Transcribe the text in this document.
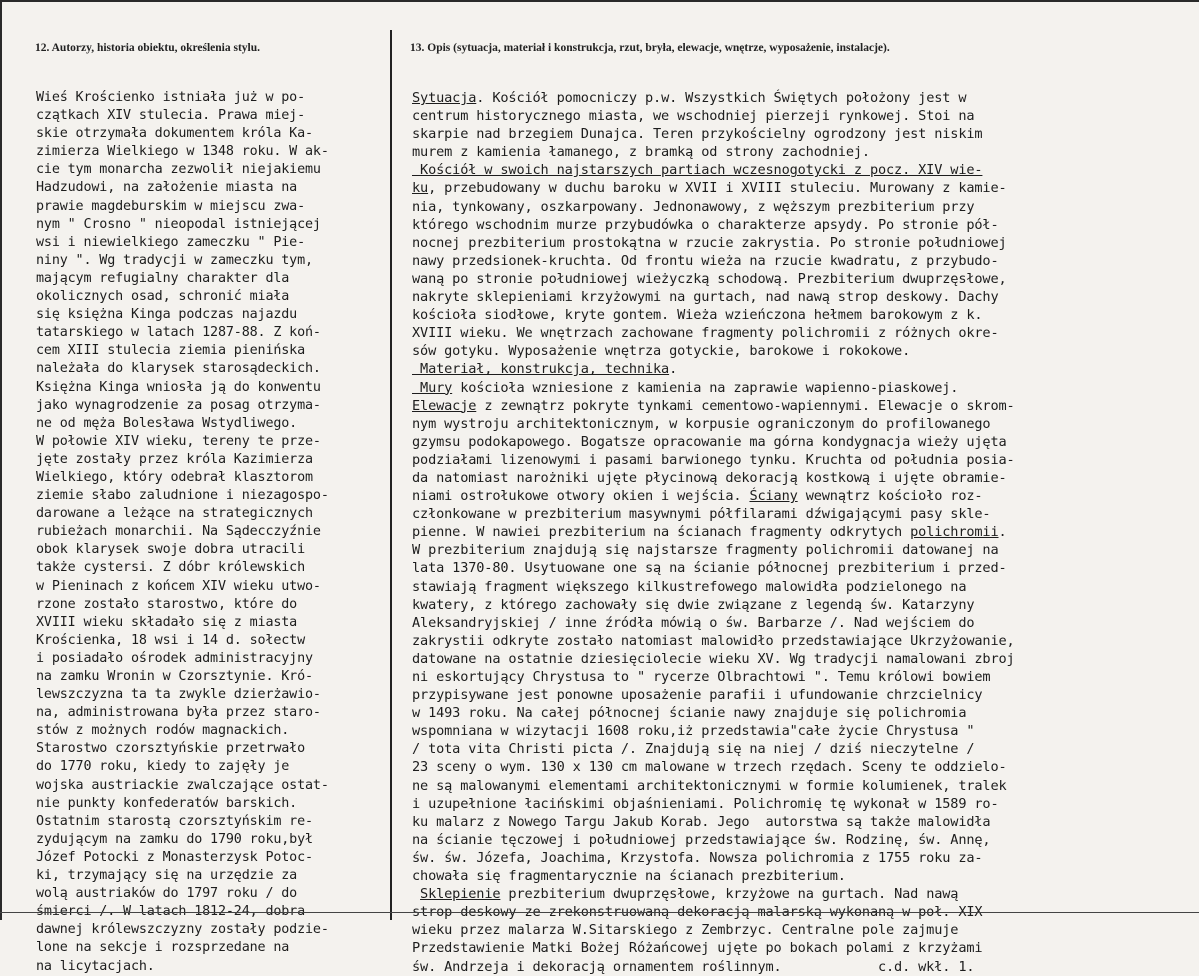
12. Autorzy, historia obiektu, określenia stylu.	13. Opis (sytuacja, materiał i konstrukcja, rzut, bryła, elewacje, wnętrze, wyposażenie, instalacje).
Wieś Krościenko istniała już w po-
czątkach XIV stulecia. Prawa miej-
skie otrzymała dokumentem króla Ka-
zimierza Wielkiego w 1348 roku. W ak-
cie tym monarcha zezwolił niejakiemu
Hadzudowi, na założenie miasta na
prawie magdeburskim w miejscu zwa-
nym " Crosno " nieopodal istniejącej
wsi i niewielkiego zameczku " Pie-
niny ". Wg tradycji w zameczku tym,
mającym refugialny charakter dla
okolicznych osad, schronić miała
się księżna Kinga podczas najazdu
tatarskiego w latach 1287-88. Z koń-
cem XIII stulecia ziemia pienińska
należała do klarysek starosądeckich.
Księżna Kinga wniosła ją do konwentu
jako wynagrodzenie za posag otrzyma-
ne od męża Bolesława Wstydliwego.
W połowie XIV wieku, tereny te prze-
jęte zostały przez króla Kazimierza
Wielkiego, który odebrał klasztorom
ziemie słabo zaludnione i niezagospo-
darowane a leżące na strategicznych
rubieżach monarchii. Na Sądecczyźnie
obok klarysek swoje dobra utracili
także cystersi. Z dóbr królewskich
w Pieninach z końcem XIV wieku utwo-
rzone zostało starostwo, które do
XVIII wieku składało się z miasta
Krościenka, 18 wsi i 14 d. sołectw
i posiadało ośrodek administracyjny
na zamku Wronin w Czorsztynie. Kró-
lewszczyzna ta ta zwykle dzierżawio-
na, administrowana była przez staro-
stów z możnych rodów magnackich.
Starostwo czorsztyńskie przetrwało
do 1770 roku, kiedy to zajęły je
wojska austriackie zwalczające ostat-
nie punkty konfederatów barskich.
Ostatnim starostą czorsztyńskim re-
zydującym na zamku do 1790 roku,był
Józef Potocki z Monasterzysk Potoc-
ki, trzymający się na urzędzie za
wolą austriaków do 1797 roku / do
śmierci /. W latach 1812-24, dobra
dawnej królewszczyzny zostały podzie-
lone na sekcje i rozsprzedane na
na licytacjach.
Sytuacja. Kościół pomocniczy p.w. Wszystkich Świętych położony jest w
centrum historycznego miasta, we wschodniej pierzeji rynkowej. Stoi na
skarpie nad brzegiem Dunajca. Teren przykościelny ogrodzony jest niskim
murem z kamienia łamanego, z bramką od strony zachodniej.
Kościół w swoich najstarszych partiach wczesnogotycki z pocz. XIV wie-
ku, przebudowany w duchu baroku w XVII i XVIII stuleciu. Murowany z kamie-
nia, tynkowany, oszkarpowany. Jednonawowy, z węższym prezbiterium przy
którego wschodnim murze przybudówka o charakterze apsydy. Po stronie pół-
nocnej prezbiterium prostokątna w rzucie zakrystia. Po stronie południowej
nawy przedsionek-kruchta. Od frontu wieża na rzucie kwadratu, z przybudo-
waną po stronie południowej wieżyczką schodową. Prezbiterium dwuprzęsłowe,
nakryte sklepieniami krzyżowymi na gurtach, nad nawą strop deskowy. Dachy
kościoła siodłowe, kryte gontem. Wieża wzieńczona hełmem barokowym z k.
XVIII wieku. We wnętrzach zachowane fragmenty polichromii z różnych okre-
sów gotyku. Wyposażenie wnętrza gotyckie, barokowe i rokokowe.
Materiał, konstrukcja, technika.
Mury kościoła wzniesione z kamienia na zaprawie wapienno-piaskowej.
Elewacje z zewnątrz pokryte tynkami cementowo-wapiennymi. Elewacje o skrom-
nym wystroju architektonicznym, w korpusie ograniczonym do profilowanego
gzymsu podokapowego. Bogatsze opracowanie ma górna kondygnacja wieży ujęta
podziałami lizenowymi i pasami barwionego tynku. Kruchta od południa posia-
da natomiast narożniki ujęte płycinową dekoracją kostkową i ujęte obramie-
niami ostrołukowe otwory okien i wejścia. Ściany wewnątrz kościoło roz-
członkowane w prezbiterium masywnymi półfilarami dźwigającymi pasy skle-
pienne. W nawiei prezbiterium na ścianach fragmenty odkrytych polichromii.
W prezbiterium znajdują się najstarsze fragmenty polichromii datowanej na
lata 1370-80. Usytuowane one są na ścianie północnej prezbiterium i przed-
stawiają fragment większego kilkustrefowego malowidła podzielonego na
kwatery, z którego zachowały się dwie związane z legendą św. Katarzyny
Aleksandryjskiej / inne źródła mówią o św. Barbarze /. Nad wejściem do
zakrystii odkryte zostało natomiast malowidło przedstawiające Ukrzyżowanie,
datowane na ostatnie dziesięciolecie wieku XV. Wg tradycji namalowani zbroj
ni eskortujący Chrystusa to " rycerze Olbrachtowi ". Temu królowi bowiem
przypisywane jest ponowne uposażenie parafii i ufundowanie chrzcielnicy
w 1493 roku. Na całej północnej ścianie nawy znajduje się polichromia
wspomniana w wizytacji 1608 roku,iż przedstawia"całe życie Chrystusa "
/ tota vita Christi picta /. Znajdują się na niej / dziś nieczytelne /
23 sceny o wym. 130 x 130 cm malowane w trzech rzędach. Sceny te oddzielo-
ne są malowanymi elementami architektonicznymi w formie kolumienek, tralek
i uzupełnione łacińskimi objaśnieniami. Polichromię tę wykonał w 1589 ro-
ku malarz z Nowego Targu Jakub Korab. Jego  autorstwa są także malowidła
na ścianie tęczowej i południowej przedstawiające św. Rodzinę, św. Annę,
św. św. Józefa, Joachima, Krzystofa. Nowsza polichromia z 1755 roku za-
chowała się fragmentarycznie na ścianach prezbiterium.
Sklepienie prezbiterium dwuprzęsłowe, krzyżowe na gurtach. Nad nawą
strop deskowy ze zrekonstruowaną dekoracją malarską wykonaną w poł. XIX
wieku przez malarza W.Sitarskiego z Zembrzyc. Centralne pole zajmuje
Przedstawienie Matki Bożej Różańcowej ujęte po bokach polami z krzyżami
św. Andrzeja i dekoracją ornamentem roślinnym.            c.d. wkł. 1.
